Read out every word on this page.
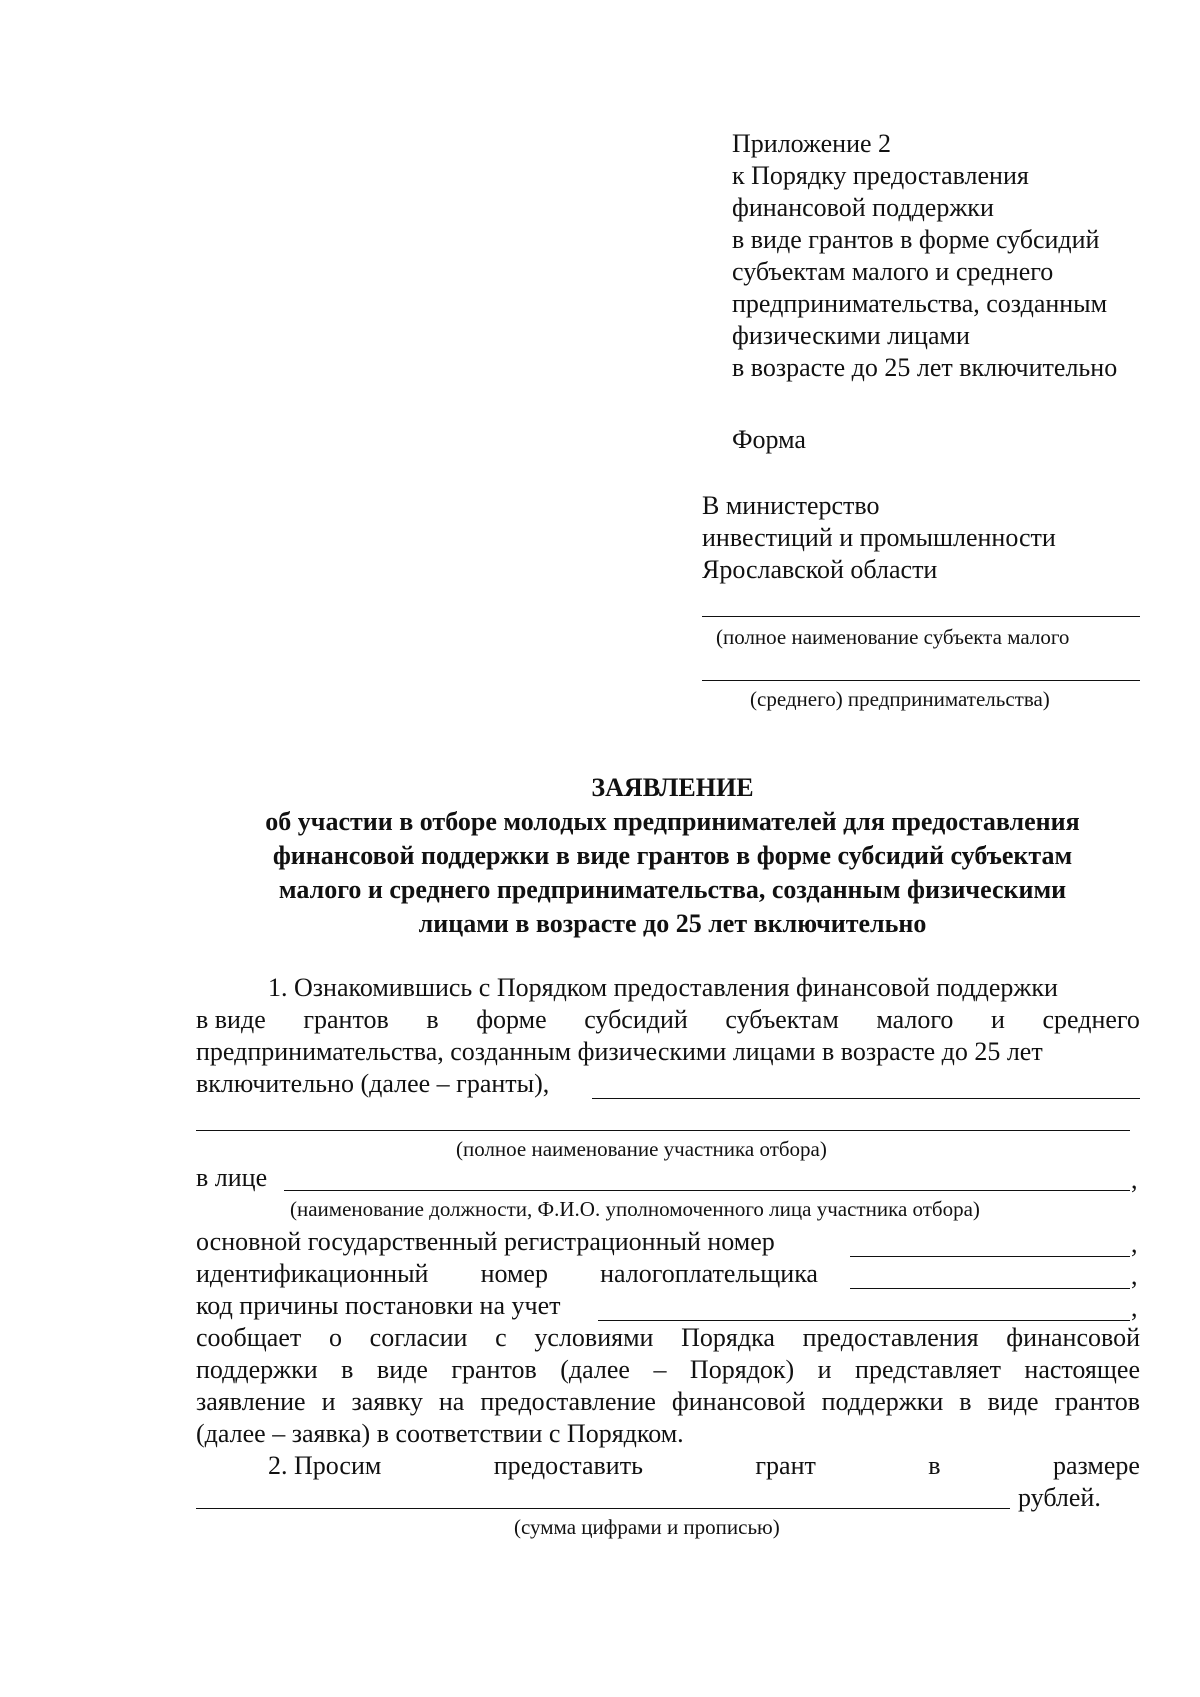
Приложение 2
к Порядку предоставления
финансовой поддержки
в виде грантов в форме субсидий
субъектам малого и среднего
предпринимательства, созданным
физическими лицами
в возрасте до 25 лет включительно
Форма
В министерство
инвестиций и промышленности
Ярославской области
(полное наименование субъекта малого
(среднего) предпринимательства)
ЗАЯВЛЕНИЕ
об участии в отборе молодых предпринимателей для предоставления
финансовой поддержки в виде грантов в форме субсидий субъектам
малого и среднего предпринимательства, созданным физическими
лицами в возрасте до 25 лет включительно
1. Ознакомившись с Порядком предоставления финансовой поддержки
в виде грантов в форме субсидий субъектам малого и среднего
предпринимательства, созданным физическими лицами в возрасте до 25 лет
включительно (далее – гранты),
(полное наименование участника отбора)
в лице	,
(наименование должности, Ф.И.О. уполномоченного лица участника отбора)
основной государственный регистрационный номер	,
идентификационный номер налогоплательщика	,
код причины постановки на учет	,
сообщает о согласии с условиями Порядка предоставления финансовой
поддержки в виде грантов (далее – Порядок) и представляет настоящее
заявление и заявку на предоставление финансовой поддержки в виде грантов
(далее – заявка) в соответствии с Порядком.
2. Просим	предоставить	грант	в	размере
рублей.
(сумма цифрами и прописью)
